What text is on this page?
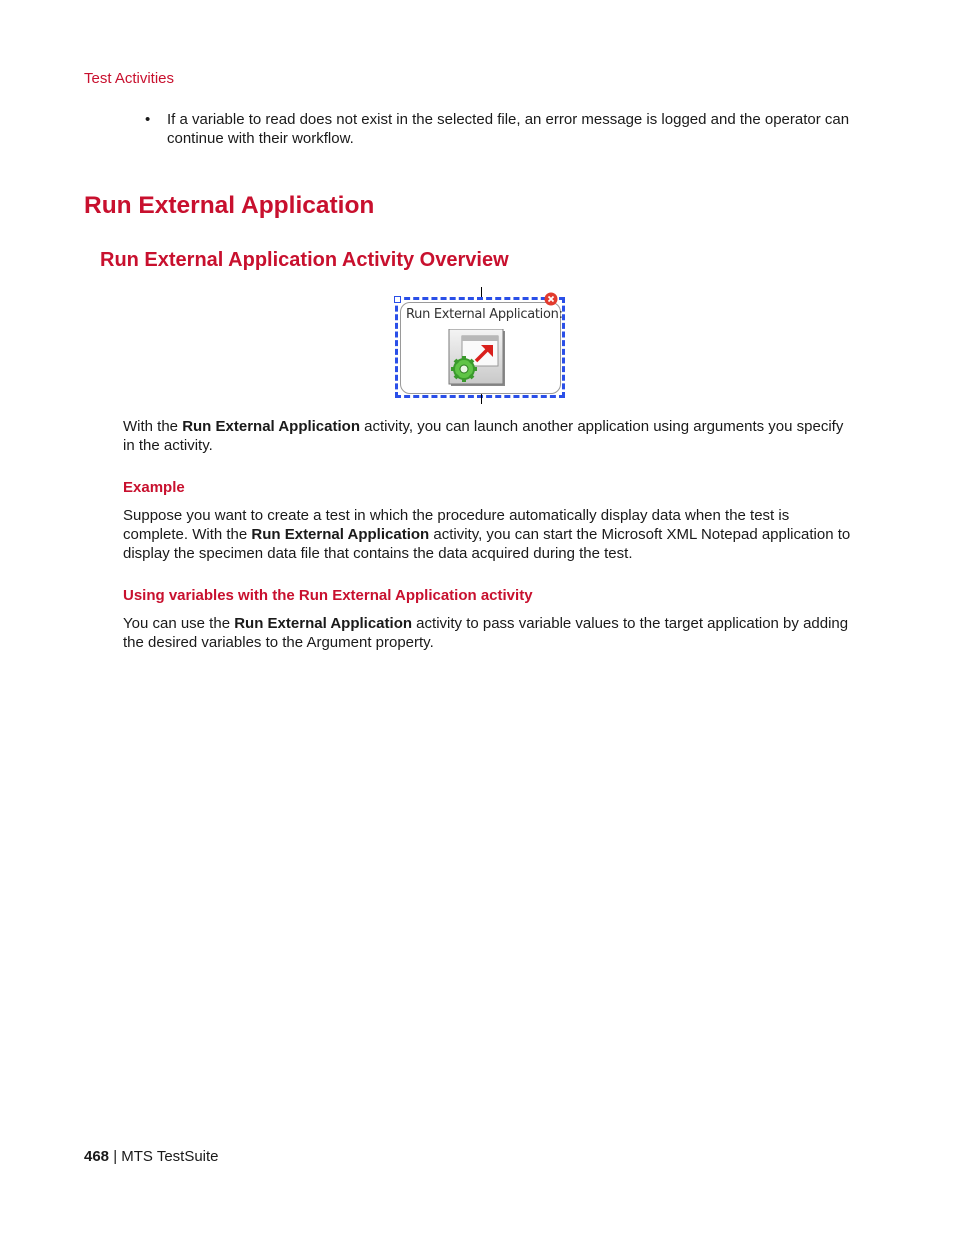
Test Activities
• If a variable to read does not exist in the selected file, an error message is logged and the operator can continue with their workflow.
Run External Application
Run External Application Activity Overview
Run External Application:
With the Run External Application activity, you can launch another application using arguments you specify in the activity.
Example
Suppose you want to create a test in which the procedure automatically display data when the test is complete. With the Run External Application activity, you can start the Microsoft XML Notepad application to display the specimen data file that contains the data acquired during the test.
Using variables with the Run External Application activity
You can use the Run External Application activity to pass variable values to the target application by adding the desired variables to the Argument property.
468 | MTS TestSuite
